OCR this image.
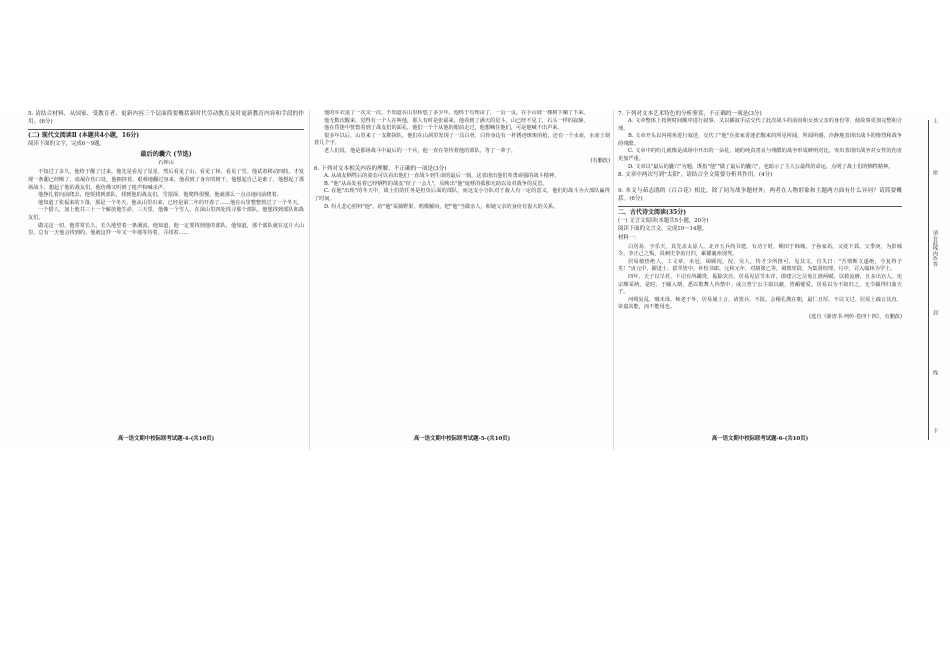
5. 请结合材料，从国家、受教育者、更新内容三个层面简要概括新时代劳动教育及时更新教育内容和手段的作用。(6分)

(二) 现代文阅读Ⅱ (本题共4小题，16分)
阅读下面的文字，完成6～9题。
最后的囊穴 (节选)
石钟山

不知过了多久，他终于醒了过来。他先是看见了星星，然后看见了山，看见了林，看见了雪。他试着移动四肢，才发现一条腿已经断了，血凝在伤口处，他拥挤着，艰难地翻过身来，他看到了身旁的树干。他想起自己是谁了，他想起了那场战斗，想起了他的战友们，他仿佛又听到了枪声和喊杀声。

他挣扎着向前爬去，他要找到部队，找到他的战友们。雪很深，他爬得很慢，他就那么一点点地向前爬着。

他知道了张福来的下落，那是一个冬天，他从山里出来，已经是第二年的开春了……他在山里整整熬过了一个冬天。

一个猎人，加上他共三十一个解放他生命，三天里，他像一个雪人，在深山里四处找寻那个部队。他想找到部队和战友们。

做完这一切，他常常长久，长久地望着一条溪流，他知道，他一定要找到他的部队，他知道，那个部队就在这片大山里，总有一天他会找到的。他就这样一年又一年地等待着，寻找着……

高一语文期中校际联考试题-4-(共10页)

他的军衣退了一次又一次，不知道在山里转悠了多少年。他终于有理由了，一页一页，在手山坡一棵树下躺了下来。

他无数次醒来，觉得有一个人在叫他，那人有时是张福来，他看到了满天的星斗，山已经不见了，石头一样的寂静。

他在昏迷中恍惚看到了战友们的面孔，他们一个个从他的眼前走过，他想喊住他们，可是他喊不出声来。

很多年以后，山里来了一支勘探队，他们在山洞里发现了一具白骨，白骨身边有一杆锈迹斑斑的枪，还有一个水壶，水壶上刻着几个字。

老人们说，他是那场战斗中最后的一个兵，他一直在等待着他的部队，等了一辈子。

(有删改)

6. 下列对文本相关内容的理解，不正确的一项是(3分)

A. 从战友牺牲后的姿态可以看出他们一直战斗到生命的最后一刻，这表现出他们英勇顽强的战斗精神。

B. "他"从高处看着已经牺牲的战友"征了一会儿"，反映出"他"庞财的孤独无助以及对战争的反思。

C. 在他"出现"的冬天中，战士们的任务是担负后面的部队，而这支小分队对于敌人有一定的意义，他们的战斗为大部队赢得了时间。

D. 纷儿悲心照料"他"，给"他"采摘野果，唱歌解闷，把"他"当做亲人，和她父亲的身份有很大的关系。

高一语文期中校际联考试题-5-(共10页)

7. 下列对文本艺术特色的分析鉴赏，不正确的一项是(3分)

A. 文章整体上按照时间顺序进行叙事，又以插叙手法交代了此次战斗的前因和女孩父亲的身份等，使故事更加完整和合理。

B. 文章开头以内视角进行叙述，交代了"他"在张家香迷茫醒来的所见所闻，所闻所感，冷静地表现出战斗的惨烈和战争的残酷。

C. 文章中的纷儿就像是战场中开出的一朵花，她的纯真善良与残酷的战争形成鲜明对比，突出表现出战争对女性的伤害更加严重。

D. 文章以"最后的囊穴"为题，既指"他""做了最后的囊穴"，也暗示了主人公最终的命运，点明了战士们的牺牲精神。

8. 文章中两次写到"太阳"，请结合全文简要分析其作用。(4分)

9. 本文与茹志鹃的《百合花》相比，除了同为战争题材外，两者在人物形象和主题两方面有什么异同？请简要概括。(6分)

二、古代诗文阅读(35分)
(一) 文言文阅读(本题共5小题，20分)
阅读下面的文言文，完成10～14题。
材料一：

白居易，字乐天，其先盖太原人。北齐五兵尚书建，有功于时，赐田于韩城，子孙家焉。又徙下邽。父季庚，为彭城令。李正己之叛，说刺史李洧自归，累擢襄州别驾。

居易敏悟绝人，工文章。未冠，谒顾况。况，吴人，恃才少所推可，见其文，自失曰："吾谓斯文遂绝，今复得子矣！"贞元中，擢进士、拔萃皆中，补校书郎。元和元年，对制策乙等，调盩厔尉，为集贤校理，月中，召入翰林为学士。

四年，天子以旱甚，下诏有所蠲贷，振除灾沴。居易见诏节未详，即建言乞尽免江淮两赋，以救流瘠，且多出宫人。宪宗颇采纳。是时，于頔入朝，悉以歌舞人内禁中。或言普宁公主取以献，皆頔嬖爱。居易以为不如归之，无令頔得归曲天子。

河朔复乱，贼未诛，师老于外，居易屡上言，请罢兵。不报。会稽孔戡在朝，最仁且厚，不以文过。居易上疏言其直，帝嘉其能，而不能用也。

(选自《新唐书·列传·卷四十四》，有删改)
高一语文期中校际联考试题-6-(共10页)
上
密
请在此线内作答
封
线
下
